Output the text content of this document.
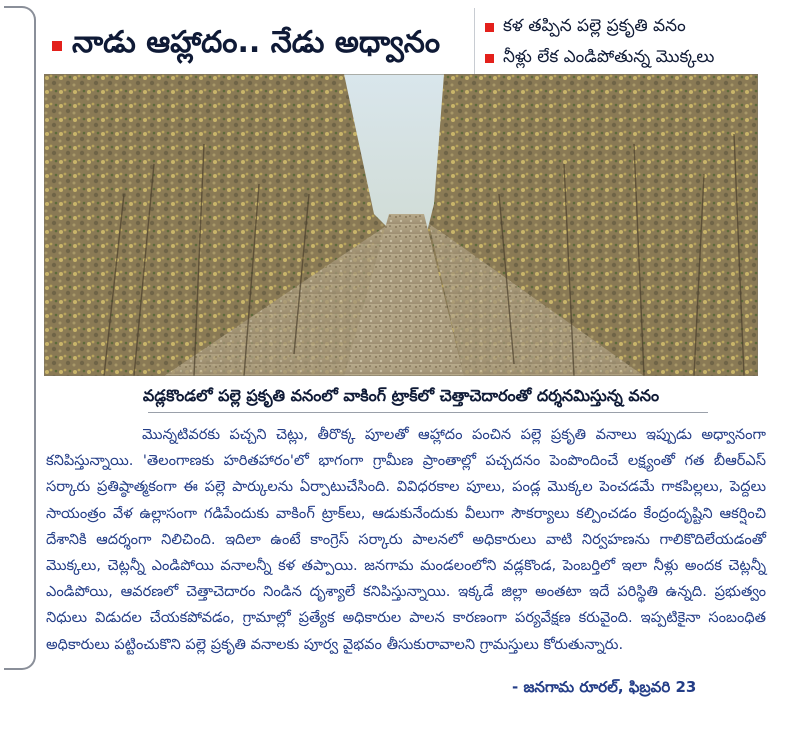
నాడు ఆహ్లాదం.. నేడు అధ్వానం	కళ తప్పిన పల్లె ప్రకృతి వనం
నీళ్లు లేక ఎండిపోతున్న మొక్కలు
వడ్లకొండలో పల్లె ప్రకృతి వనంలో వాకింగ్ ట్రాక్‌లో చెత్తాచెదారంతో దర్శనమిస్తున్న వనం

మొన్నటివరకు పచ్చని చెట్లు, తీరొక్క పూలతో ఆహ్లాదం పంచిన పల్లె ప్రకృతి వనాలు ఇప్పుడు అధ్వానంగా కనిపిస్తున్నాయి. 'తెలంగాణకు హరితహారం'లో భాగంగా గ్రామీణ ప్రాంతాల్లో పచ్చదనం పెంపొందించే లక్ష్యంతో గత బీఆర్ఎస్ సర్కారు ప్రతిష్ఠాత్మకంగా ఈ పల్లె పార్కులను ఏర్పాటుచేసింది. వివిధరకాల పూలు, పండ్ల మొక్కల పెంచడమే గాకపిల్లలు, పెద్దలు సాయంత్రం వేళ ఉల్లాసంగా గడిపేందుకు వాకింగ్ ట్రాక్‌లు, ఆడుకునేందుకు వీలుగా సౌకర్యాలు కల్పించడం కేంద్రందృష్టిని ఆకర్షించి దేశానికి ఆదర్శంగా నిలిచింది. ఇదిలా ఉంటే కాంగ్రెస్ సర్కారు పాలనలో అధికారులు వాటి నిర్వహణను గాలికొదిలేయడంతో మొక్కలు, చెట్లన్నీ ఎండిపోయి వనాలన్నీ కళ తప్పాయి. జనగామ మండలంలోని వడ్లకొండ, పెంబర్తిలో ఇలా నీళ్లు అందక చెట్లన్నీ ఎండిపోయి, ఆవరణలో చెత్తాచెదారం నిండిన దృశ్యాలే కనిపిస్తున్నాయి. ఇక్కడే జిల్లా అంతటా ఇదే పరిస్థితి ఉన్నది. ప్రభుత్వం నిధులు విడుదల చేయకపోవడం, గ్రామాల్లో ప్రత్యేక అధికారుల పాలన కారణంగా పర్యవేక్షణ కరువైంది. ఇప్పటికైనా సంబంధిత అధికారులు పట్టించుకొని పల్లె ప్రకృతి వనాలకు పూర్వ వైభవం తీసుకురావాలని గ్రామస్తులు కోరుతున్నారు.

- జనగామ రూరల్, ఫిబ్రవరి 23
